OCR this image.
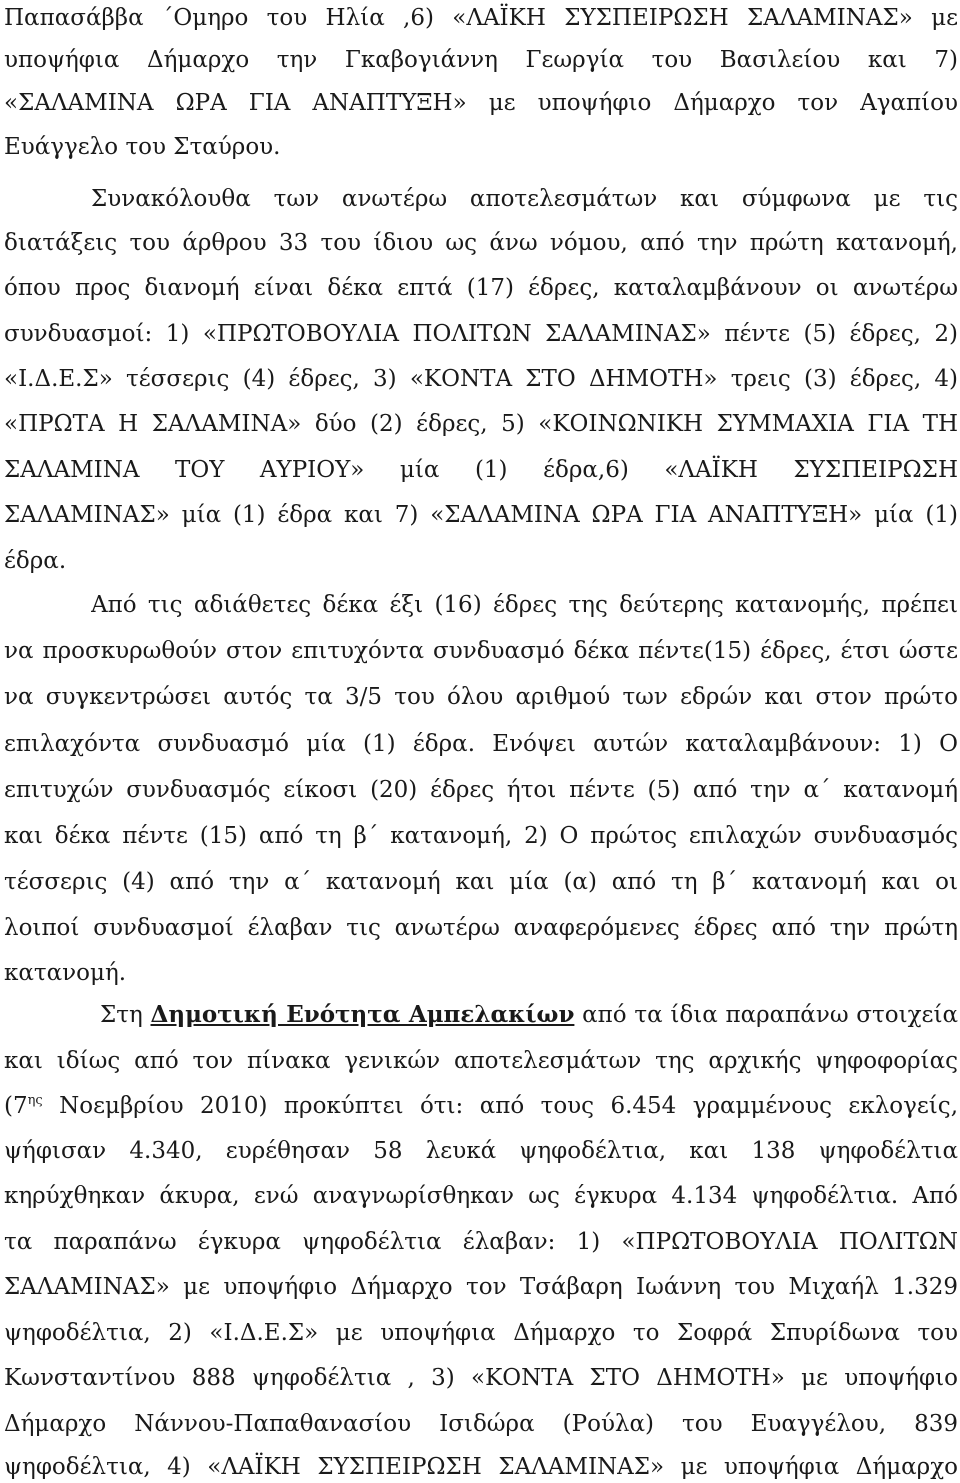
Παπασάββα ΄Ομηρο του Ηλία ,6) «ΛΑΪΚΗ ΣΥΣΠΕΙΡΩΣΗ ΣΑΛΑΜΙΝΑΣ» με
υποψήφια Δήμαρχο την Γκαβογιάννη Γεωργία του Βασιλείου και 7)
«ΣΑΛΑΜΙΝΑ ΩΡΑ ΓΙΑ ΑΝΑΠΤΥΞΗ» με υποψήφιο Δήμαρχο τον Αγαπίου
Ευάγγελο του Σταύρου.
Συνακόλουθα των ανωτέρω αποτελεσμάτων και σύμφωνα με τις
διατάξεις του άρθρου 33 του ίδιου ως άνω νόμου, από την πρώτη κατανομή,
όπου προς διανομή είναι δέκα επτά (17) έδρες, καταλαμβάνουν οι ανωτέρω
συνδυασμοί: 1) «ΠΡΩΤΟΒΟΥΛΙΑ ΠΟΛΙΤΩΝ ΣΑΛΑΜΙΝΑΣ» πέντε (5) έδρες, 2)
«Ι.Δ.Ε.Σ» τέσσερις (4) έδρες, 3) «ΚΟΝΤΑ ΣΤΟ ΔΗΜΟΤΗ» τρεις (3) έδρες, 4)
«ΠΡΩΤΑ Η ΣΑΛΑΜΙΝΑ» δύο (2) έδρες, 5) «ΚΟΙΝΩΝΙΚΗ ΣΥΜΜΑΧΙΑ ΓΙΑ ΤΗ
ΣΑΛΑΜΙΝΑ ΤΟΥ ΑΥΡΙΟΥ» μία (1) έδρα,6) «ΛΑΪΚΗ ΣΥΣΠΕΙΡΩΣΗ
ΣΑΛΑΜΙΝΑΣ» μία (1) έδρα και 7) «ΣΑΛΑΜΙΝΑ ΩΡΑ ΓΙΑ ΑΝΑΠΤΥΞΗ» μία (1)
έδρα.
Από τις αδιάθετες δέκα έξι (16) έδρες της δεύτερης κατανομής, πρέπει
να προσκυρωθούν στον επιτυχόντα συνδυασμό δέκα πέντε(15) έδρες, έτσι ώστε
να συγκεντρώσει αυτός τα 3/5 του όλου αριθμού των εδρών και στον πρώτο
επιλαχόντα συνδυασμό μία (1) έδρα. Ενόψει αυτών καταλαμβάνουν: 1) Ο
επιτυχών συνδυασμός είκοσι (20) έδρες ήτοι πέντε (5) από την α΄ κατανομή
και δέκα πέντε (15) από τη β΄ κατανομή, 2) Ο πρώτος επιλαχών συνδυασμός
τέσσερις (4) από την α΄ κατανομή και μία (α) από τη β΄ κατανομή και οι
λοιποί συνδυασμοί έλαβαν τις ανωτέρω αναφερόμενες έδρες από την πρώτη
κατανομή.
Στη Δημοτική Ενότητα Αμπελακίων από τα ίδια παραπάνω στοιχεία
και ιδίως από τον πίνακα γενικών αποτελεσμάτων της αρχικής ψηφοφορίας
($7^{\eta\varsigma}$ Νοεμβρίου 2010) προκύπτει ότι: από τους 6.454 γραμμένους εκλογείς,
ψήφισαν 4.340, ευρέθησαν 58 λευκά ψηφοδέλτια, και 138 ψηφοδέλτια
κηρύχθηκαν άκυρα, ενώ αναγνωρίσθηκαν ως έγκυρα 4.134 ψηφοδέλτια. Από
τα παραπάνω έγκυρα ψηφοδέλτια έλαβαν: 1) «ΠΡΩΤΟΒΟΥΛΙΑ ΠΟΛΙΤΩΝ
ΣΑΛΑΜΙΝΑΣ» με υποψήφιο Δήμαρχο τον Τσάβαρη Ιωάννη του Μιχαήλ 1.329
ψηφοδέλτια, 2) «Ι.Δ.Ε.Σ» με υποψήφια Δήμαρχο το Σοφρά Σπυρίδωνα του
Κωνσταντίνου 888 ψηφοδέλτια , 3) «ΚΟΝΤΑ ΣΤΟ ΔΗΜΟΤΗ» με υποψήφιο
Δήμαρχο Νάννου-Παπαθανασίου Ισιδώρα (Ρούλα) του Ευαγγέλου, 839
ψηφοδέλτια, 4) «ΛΑΪΚΗ ΣΥΣΠΕΙΡΩΣΗ ΣΑΛΑΜΙΝΑΣ» με υποψήφια Δήμαρχο
